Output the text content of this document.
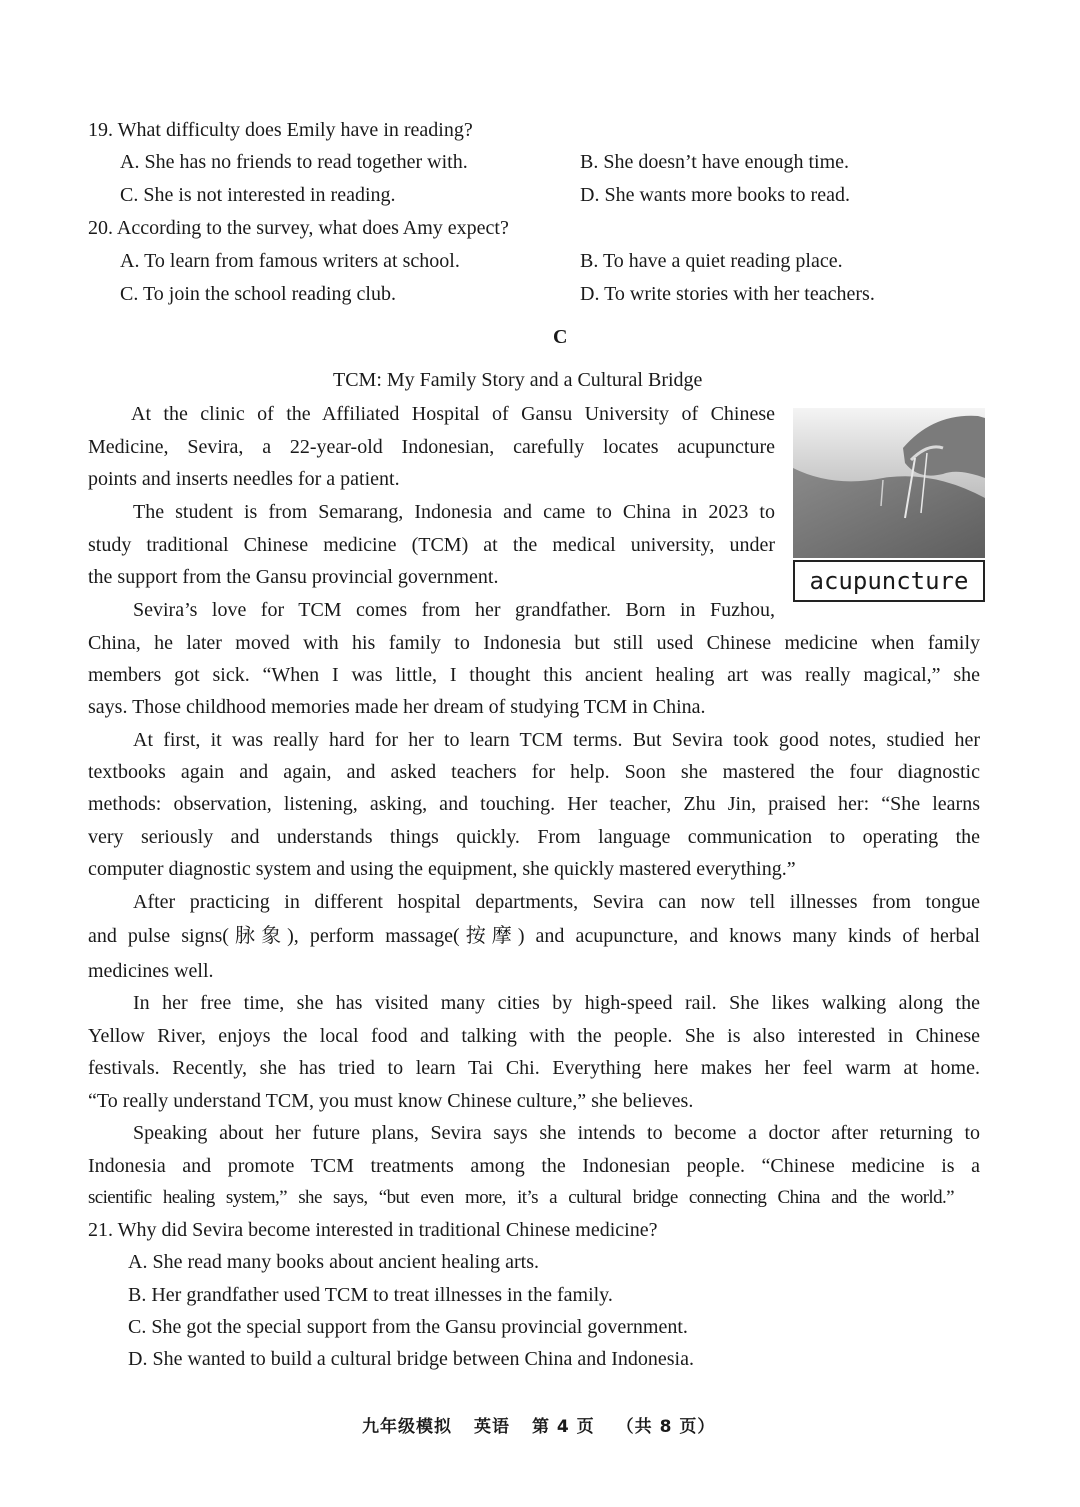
19. What difficulty does Emily have in reading?
A. She has no friends to read together with.	B. She doesn’t have enough time.
C. She is not interested in reading.	D. She wants more books to read.
20. According to the survey, what does Amy expect?
A. To learn from famous writers at school.	B. To have a quiet reading place.
C. To join the school reading club.	D. To write stories with her teachers.
C
TCM: My Family Story and a Cultural Bridge
acupuncture
At the clinic of the Affiliated Hospital of Gansu University of Chinese
Medicine, Sevira, a 22-year-old Indonesian, carefully locates acupuncture
points and inserts needles for a patient.
The student is from Semarang, Indonesia and came to China in 2023 to
study traditional Chinese medicine (TCM) at the medical university, under
the support from the Gansu provincial government.
Sevira’s love for TCM comes from her grandfather. Born in Fuzhou,
China, he later moved with his family to Indonesia but still used Chinese medicine when family
members got sick. “When I was little, I thought this ancient healing art was really magical,” she
says. Those childhood memories made her dream of studying TCM in China.
At first, it was really hard for her to learn TCM terms. But Sevira took good notes, studied her
textbooks again and again, and asked teachers for help. Soon she mastered the four diagnostic
methods: observation, listening, asking, and touching. Her teacher, Zhu Jin, praised her: “She learns
very seriously and understands things quickly. From language communication to operating the
computer diagnostic system and using the equipment, she quickly mastered everything.”
After practicing in different hospital departments, Sevira can now tell illnesses from tongue
and pulse signs(脉象), perform massage(按摩) and acupuncture, and knows many kinds of herbal
medicines well.
In her free time, she has visited many cities by high-speed rail. She likes walking along the
Yellow River, enjoys the local food and talking with the people. She is also interested in Chinese
festivals. Recently, she has tried to learn Tai Chi. Everything here makes her feel warm at home.
“To really understand TCM, you must know Chinese culture,” she believes.
Speaking about her future plans, Sevira says she intends to become a doctor after returning to
Indonesia and promote TCM treatments among the Indonesian people. “Chinese medicine is a
scientific healing system,” she says, “but even more, it’s a cultural bridge connecting China and the world.”
21. Why did Sevira become interested in traditional Chinese medicine?
A. She read many books about ancient healing arts.
B. Her grandfather used TCM to treat illnesses in the family.
C. She got the special support from the Gansu provincial government.
D. She wanted to build a cultural bridge between China and Indonesia.
九年级模拟 英语 第 4 页 （共 8 页）
